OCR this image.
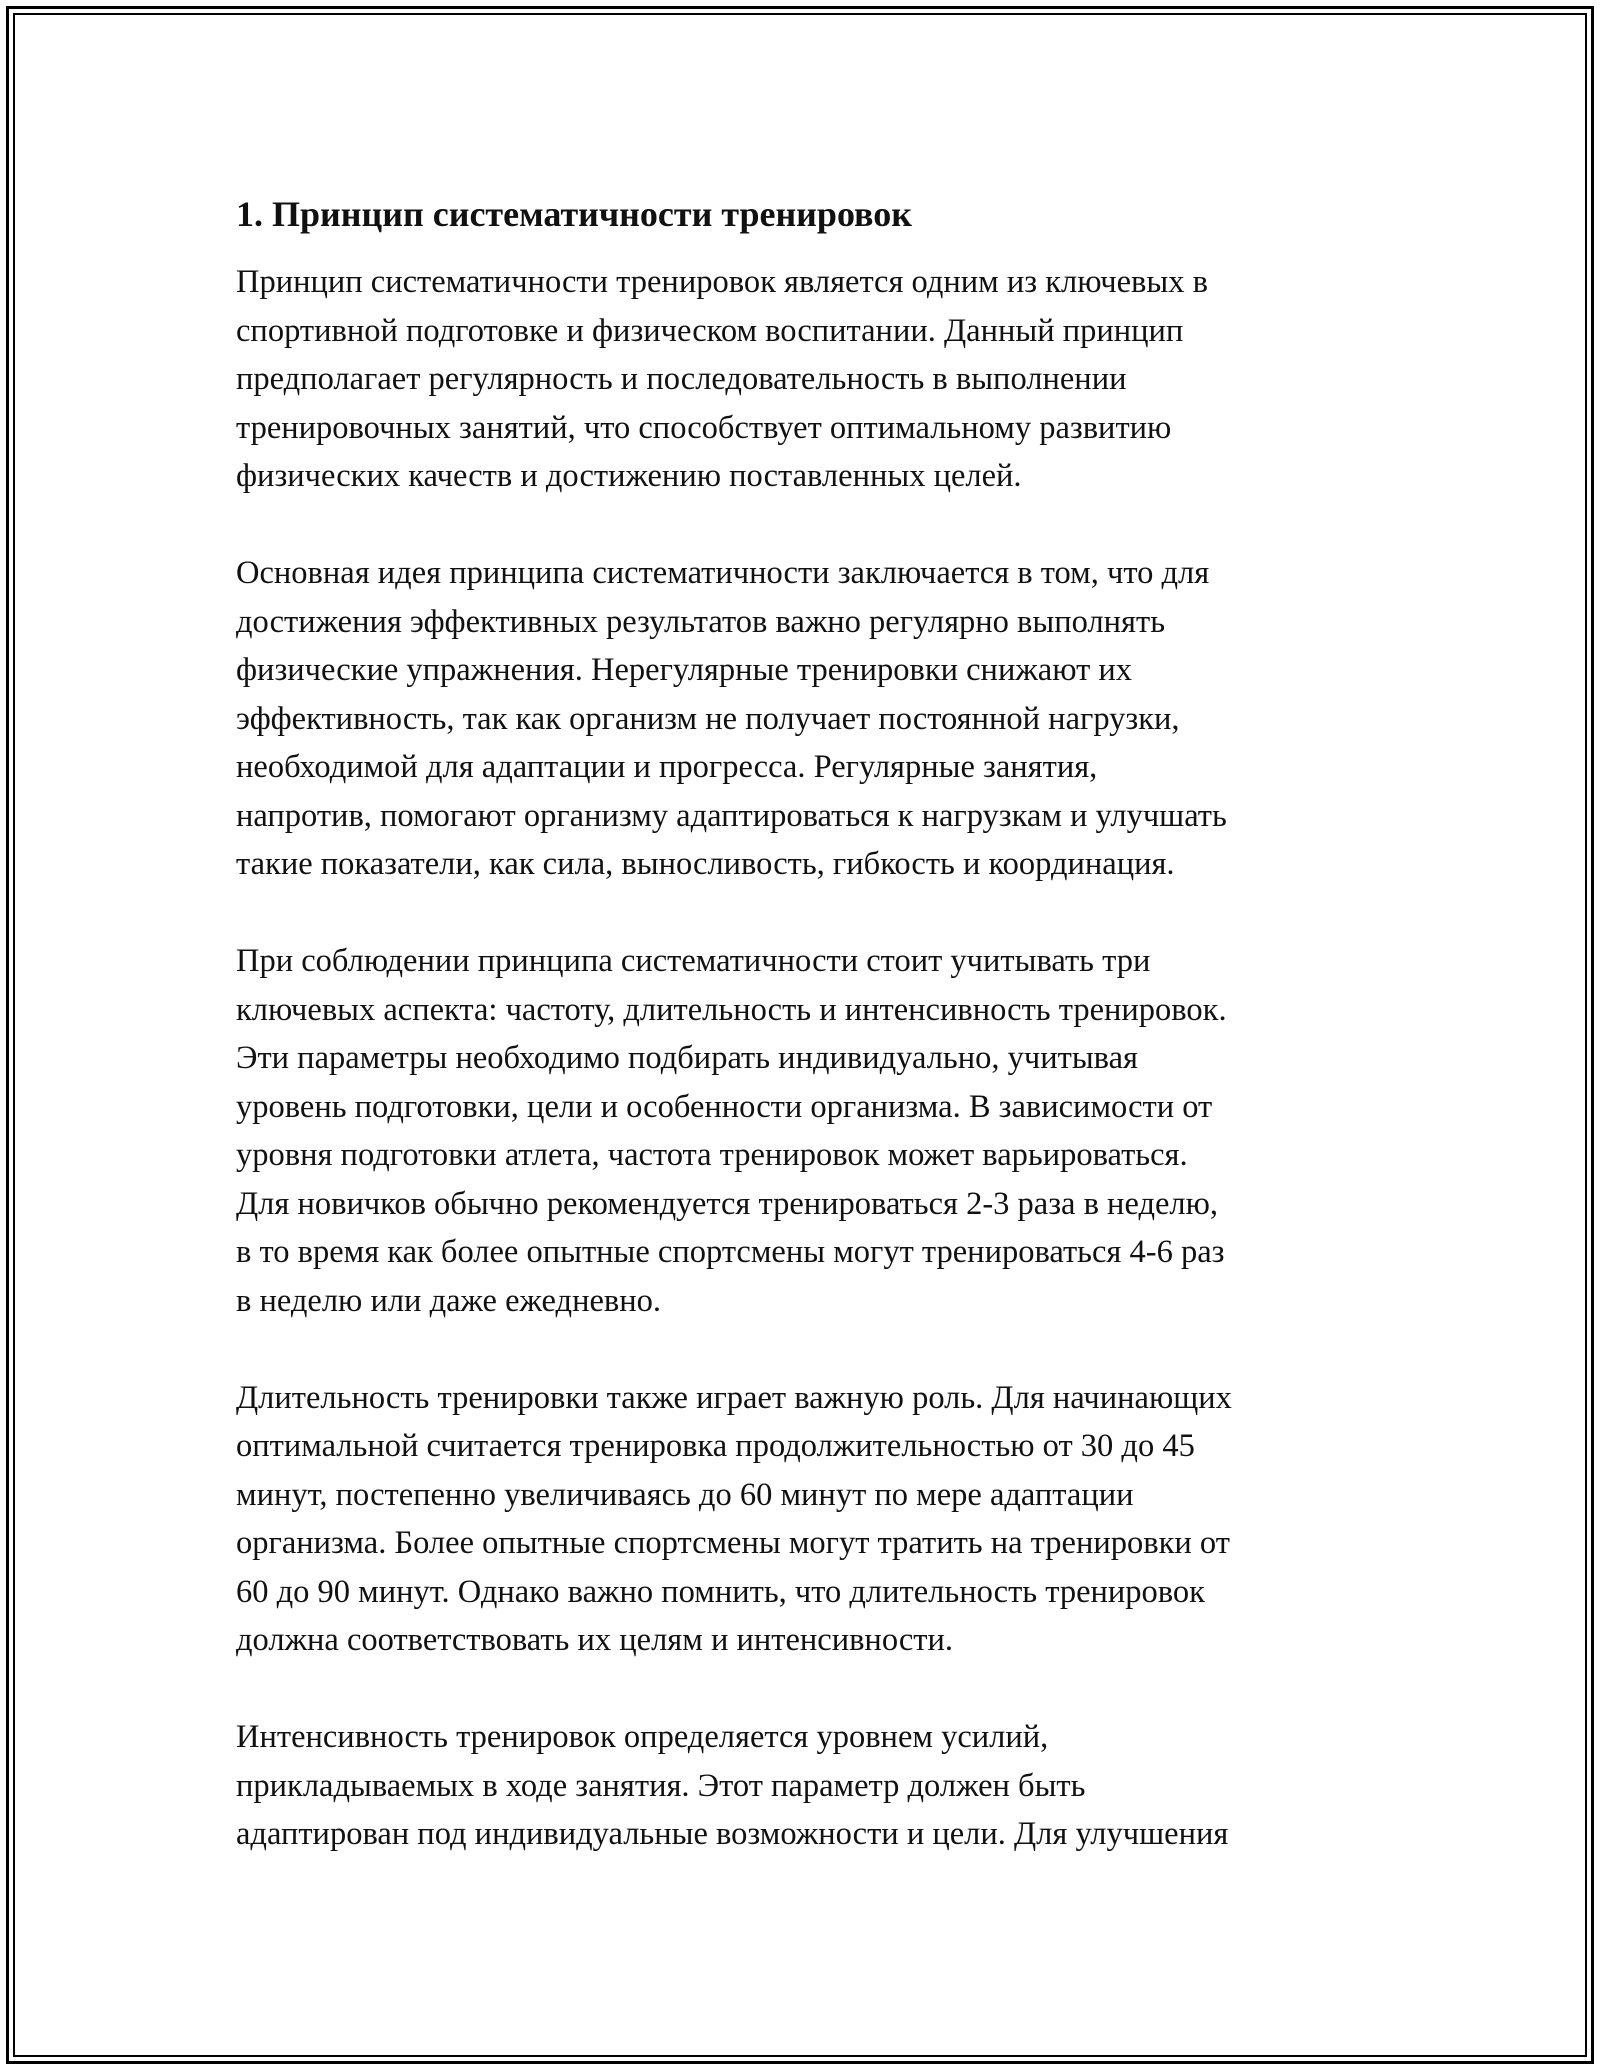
1. Принцип систематичности тренировок

Принцип систематичности тренировок является одним из ключевых в
спортивной подготовке и физическом воспитании. Данный принцип
предполагает регулярность и последовательность в выполнении
тренировочных занятий, что способствует оптимальному развитию
физических качеств и достижению поставленных целей.

Основная идея принципа систематичности заключается в том, что для
достижения эффективных результатов важно регулярно выполнять
физические упражнения. Нерегулярные тренировки снижают их
эффективность, так как организм не получает постоянной нагрузки,
необходимой для адаптации и прогресса. Регулярные занятия,
напротив, помогают организму адаптироваться к нагрузкам и улучшать
такие показатели, как сила, выносливость, гибкость и координация.

При соблюдении принципа систематичности стоит учитывать три
ключевых аспекта: частоту, длительность и интенсивность тренировок.
Эти параметры необходимо подбирать индивидуально, учитывая
уровень подготовки, цели и особенности организма. В зависимости от
уровня подготовки атлета, частота тренировок может варьироваться.
Для новичков обычно рекомендуется тренироваться 2-3 раза в неделю,
в то время как более опытные спортсмены могут тренироваться 4-6 раз
в неделю или даже ежедневно.

Длительность тренировки также играет важную роль. Для начинающих
оптимальной считается тренировка продолжительностью от 30 до 45
минут, постепенно увеличиваясь до 60 минут по мере адаптации
организма. Более опытные спортсмены могут тратить на тренировки от
60 до 90 минут. Однако важно помнить, что длительность тренировок
должна соответствовать их целям и интенсивности.

Интенсивность тренировок определяется уровнем усилий,
прикладываемых в ходе занятия. Этот параметр должен быть
адаптирован под индивидуальные возможности и цели. Для улучшения
